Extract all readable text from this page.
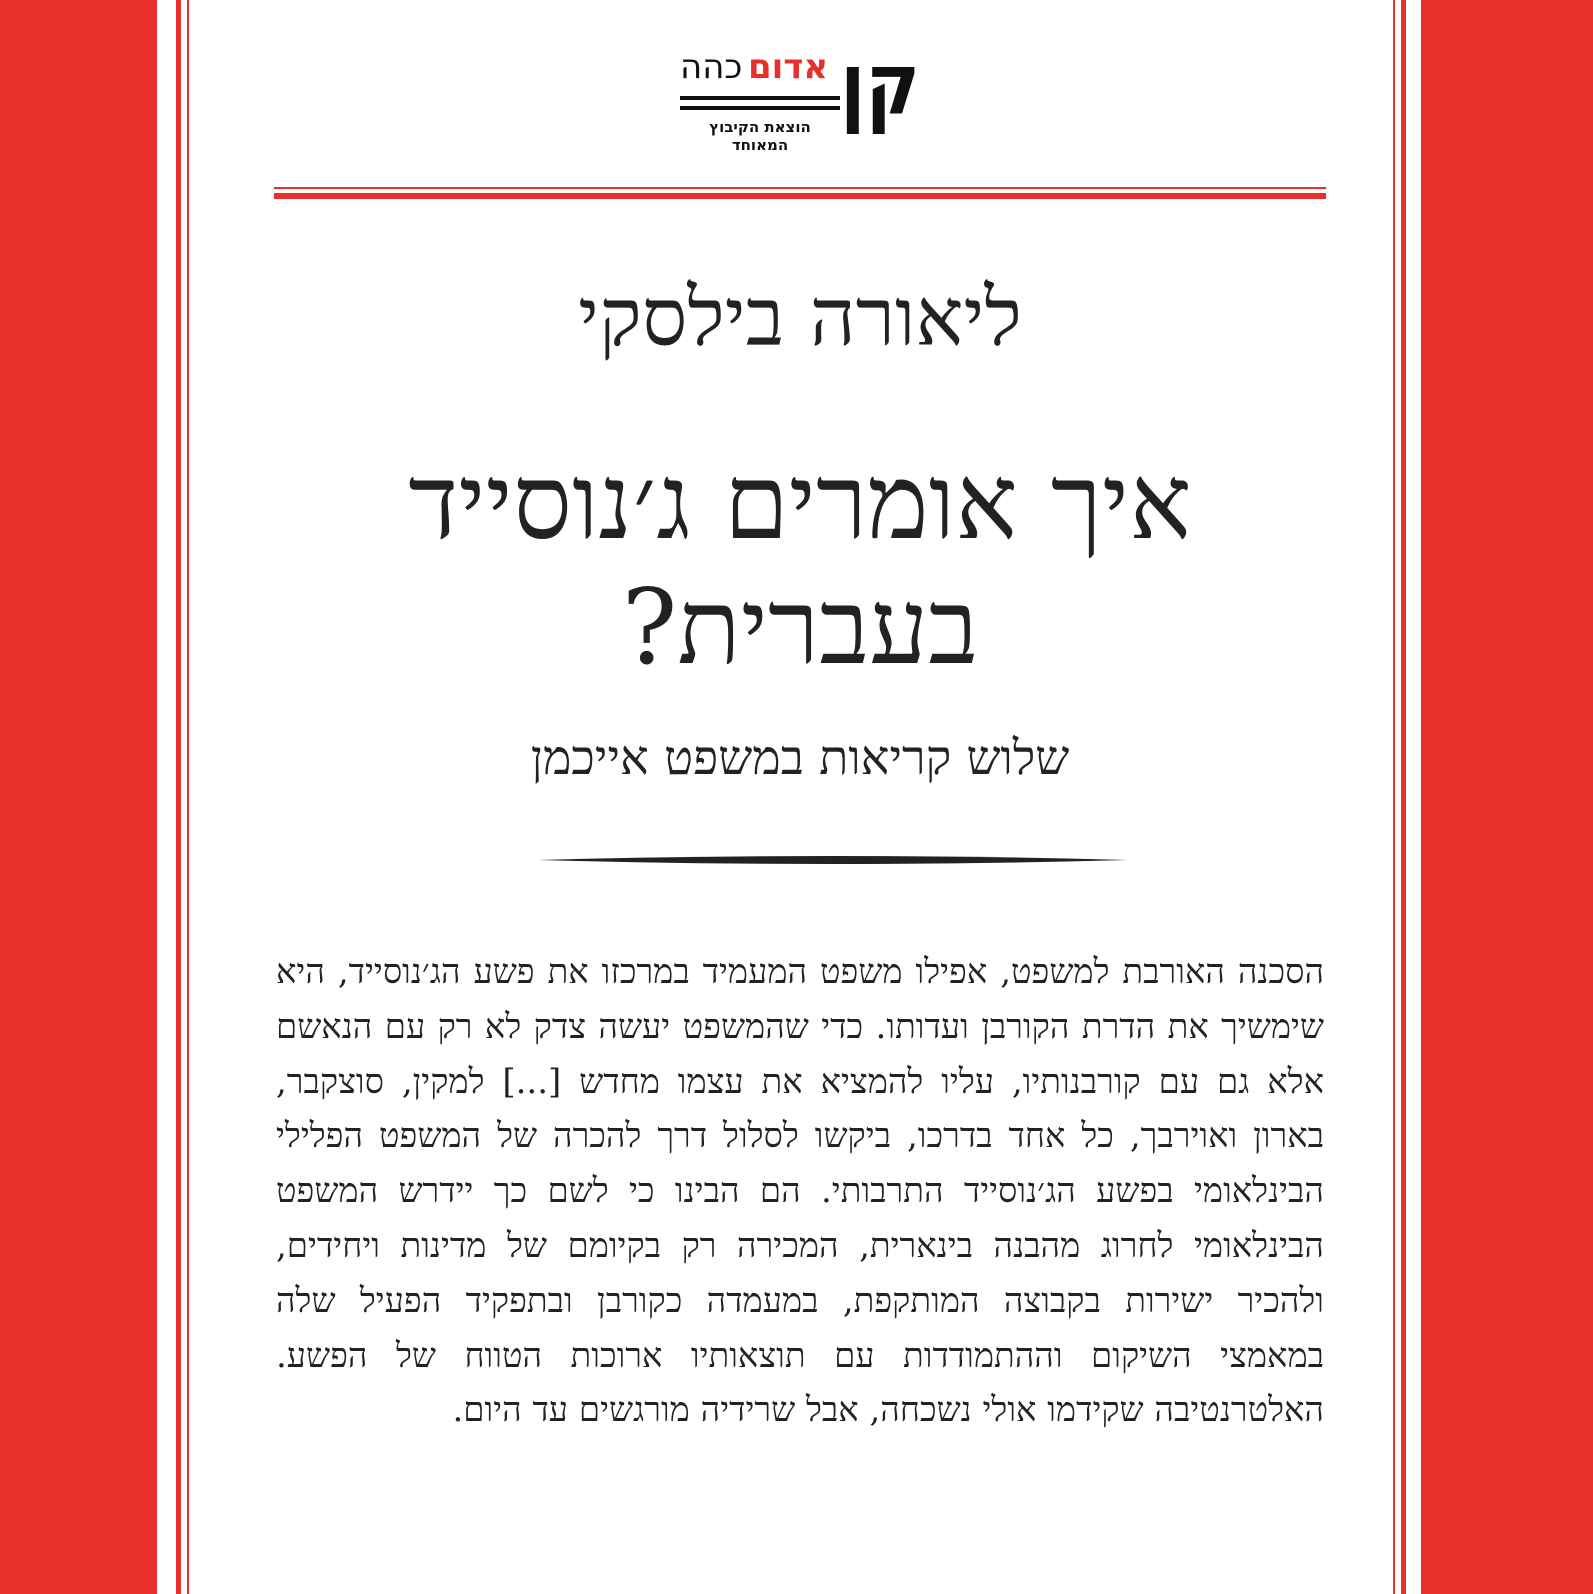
קן
אדום
כהה
הוצאת הקיבוץ המאוחד
ליאורה בילסקי
איך אומרים ג׳נוסייד
בעברית?
שלוש קריאות במשפט אייכמן
הסכנה האורבת למשפט, אפילו משפט המעמיד במרכזו את פשע הג׳נוסייד, היא שימשיך את הדרת הקורבן ועדותו. כדי שהמשפט יעשה צדק לא רק עם הנאשם אלא גם עם קורבנותיו, עליו להמציא את עצמו מחדש [...] למקין, סוצקבר, בארון ואוירבך, כל אחד בדרכו, ביקשו לסלול דרך להכרה של המשפט הפלילי הבינלאומי בפשע הג׳נוסייד התרבותי. הם הבינו כי לשם כך יידרש המשפט הבינלאומי לחרוג מהבנה בינארית, המכירה רק בקיומם של מדינות ויחידים, ולהכיר ישירות בקבוצה המותקפת, במעמדה כקורבן ובתפקיד הפעיל שלה במאמצי השיקום וההתמודדות עם תוצאותיו ארוכות הטווח של הפשע. האלטרנטיבה שקידמו אולי נשכחה, אבל שרידיה מורגשים עד היום.
